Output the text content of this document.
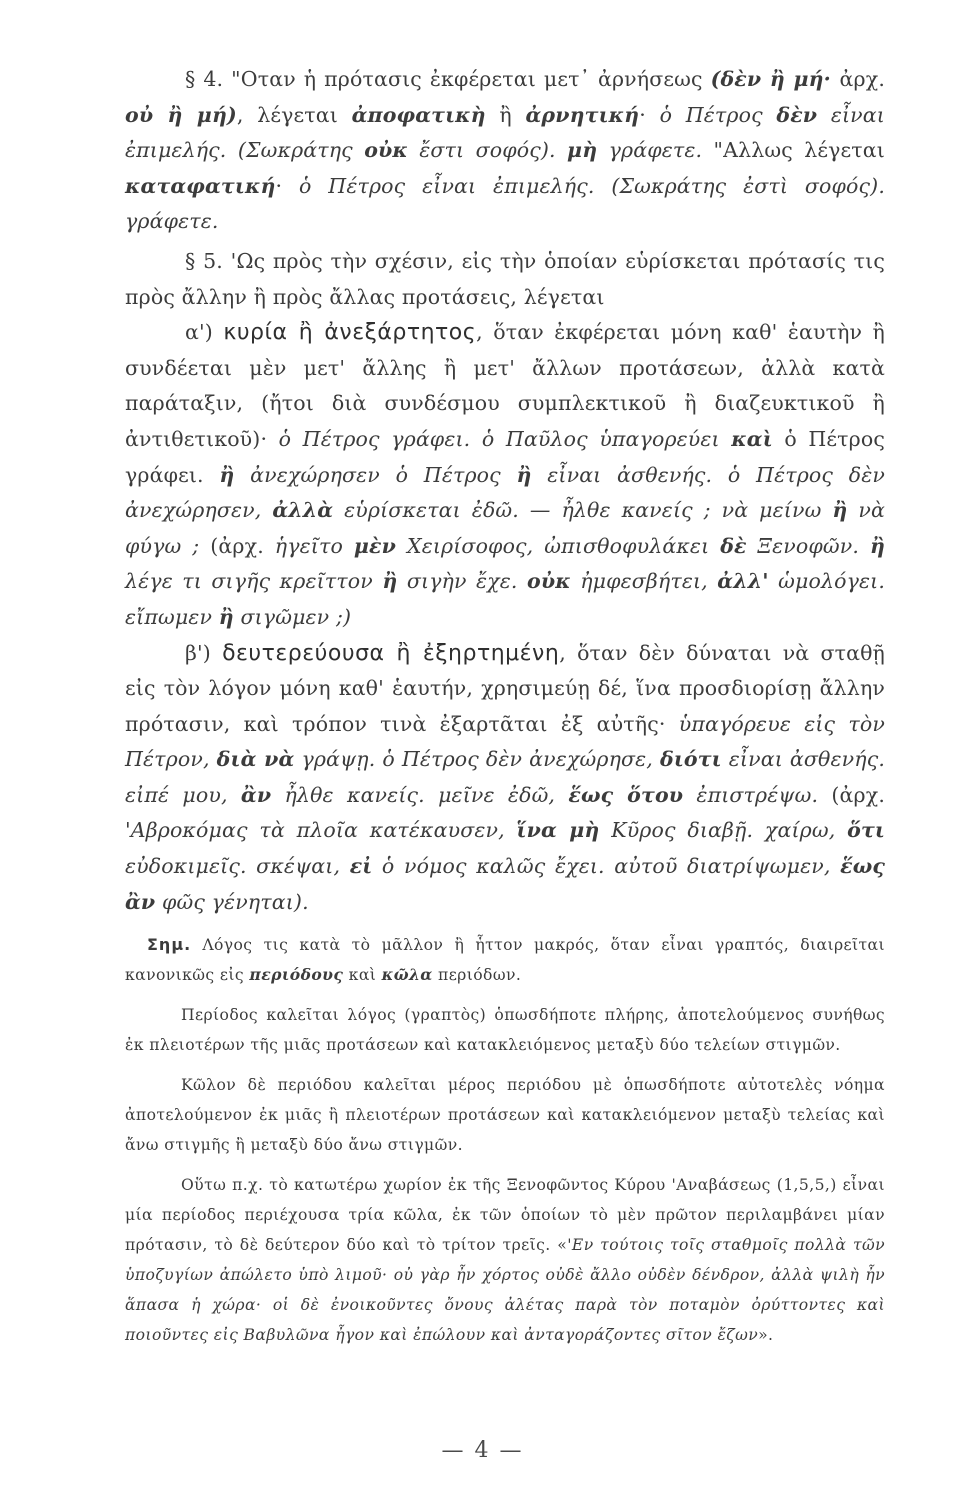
§ 4. "Οταν ἡ πρότασις ἐκφέρεται μετ᾽ ἀρνήσεως (δὲν ἢ μή· ἀρχ. οὐ ἢ μή), λέγεται ἀποφατικὴ ἢ ἀρνητική· ὁ Πέτρος δὲν εἶναι ἐπιμελής. (Σωκράτης οὐκ ἔστι σοφός). μὴ γράφετε. "Αλλως λέγεται καταφατική· ὁ Πέτρος εἶναι ἐπιμελής. (Σωκράτης ἐστὶ σοφός). γράφετε.

§ 5. 'Ως πρὸς τὴν σχέσιν, εἰς τὴν ὁποίαν εὑρίσκεται πρότασίς τις πρὸς ἄλλην ἢ πρὸς ἄλλας προτάσεις, λέγεται

α') κυρία ἢ ἀνεξάρτητος, ὅταν ἐκφέρεται μόνη καθ' ἑαυτὴν ἢ συνδέεται μὲν μετ' ἄλλης ἢ μετ' ἄλλων προτάσεων, ἀλλὰ κατὰ παράταξιν, (ἤτοι διὰ συνδέσμου συμπλεκτικοῦ ἢ διαζευκτικοῦ ἢ ἀντιθετικοῦ)· ὁ Πέτρος γράφει. ὁ Παῦλος ὑπαγορεύει καὶ ὁ Πέτρος γράφει. ἢ ἀνεχώρησεν ὁ Πέτρος ἢ εἶναι ἀσθενής. ὁ Πέτρος δὲν ἀνεχώρησεν, ἀλλὰ εὑρίσκεται ἐδῶ. — ἦλθε κανείς ; νὰ μείνω ἢ νὰ φύγω ; (ἀρχ. ἡγεῖτο μὲν Χειρίσοφος, ὠπισθοφυλάκει δὲ Ξενοφῶν. ἢ λέγε τι σιγῆς κρεῖττον ἢ σιγὴν ἔχε. οὐκ ἠμφεσβήτει, ἀλλ' ὡμολόγει. εἴπωμεν ἢ σιγῶμεν ;)

β') δευτερεύουσα ἢ ἐξηρτημένη, ὅταν δὲν δύναται νὰ σταθῇ εἰς τὸν λόγον μόνη καθ' ἑαυτήν, χρησιμεύῃ δέ, ἵνα προσδιορίσῃ ἄλλην πρότασιν, καὶ τρόπον τινὰ ἐξαρτᾶται ἐξ αὐτῆς· ὑπαγόρευε εἰς τὸν Πέτρον, διὰ νὰ γράψῃ. ὁ Πέτρος δὲν ἀνεχώρησε, διότι εἶναι ἀσθενής. εἰπέ μου, ἂν ἦλθε κανείς. μεῖνε ἐδῶ, ἕως ὅτου ἐπιστρέψω. (ἀρχ. 'Αβροκόμας τὰ πλοῖα κατέκαυσεν, ἵνα μὴ Κῦρος διαβῇ. χαίρω, ὅτι εὐδοκιμεῖς. σκέψαι, εἰ ὁ νόμος καλῶς ἔχει. αὐτοῦ διατρίψωμεν, ἕως ἂν φῶς γένηται).

Σημ. Λόγος τις κατὰ τὸ μᾶλλον ἢ ἧττον μακρός, ὅταν εἶναι γραπτός, διαιρεῖται κανονικῶς εἰς περιόδους καὶ κῶλα περιόδων.

Περίοδος καλεῖται λόγος (γραπτὸς) ὁπωσδήποτε πλήρης, ἀποτελούμενος συνήθως ἐκ πλειοτέρων τῆς μιᾶς προτάσεων καὶ κατακλειόμενος μεταξὺ δύο τελείων στιγμῶν.

Κῶλον δὲ περιόδου καλεῖται μέρος περιόδου μὲ ὁπωσδήποτε αὐτοτελὲς νόημα ἀποτελούμενον ἐκ μιᾶς ἢ πλειοτέρων προτάσεων καὶ κατακλειόμενον μεταξὺ τελείας καὶ ἄνω στιγμῆς ἢ μεταξὺ δύο ἄνω στιγμῶν.

Οὕτω π.χ. τὸ κατωτέρω χωρίον ἐκ τῆς Ξενοφῶντος Κύρου 'Αναβάσεως (1,5,5,) εἶναι μία περίοδος περιέχουσα τρία κῶλα, ἐκ τῶν ὁποίων τὸ μὲν πρῶτον περιλαμβάνει μίαν πρότασιν, τὸ δὲ δεύτερον δύο καὶ τὸ τρίτον τρεῖς. «'Εν τούτοις τοῖς σταθμοῖς πολλὰ τῶν ὑποζυγίων ἀπώλετο ὑπὸ λιμοῦ· οὐ γὰρ ἦν χόρτος οὐδὲ ἄλλο οὐδὲν δένδρον, ἀλλὰ ψιλὴ ἦν ἅπασα ἡ χώρα· οἱ δὲ ἐνοικοῦντες ὄνους ἀλέτας παρὰ τὸν ποταμὸν ὀρύττοντες καὶ ποιοῦντες εἰς Βαβυλῶνα ἦγον καὶ ἐπώλουν καὶ ἀνταγοράζοντες σῖτον ἔζων».

— 4 —
